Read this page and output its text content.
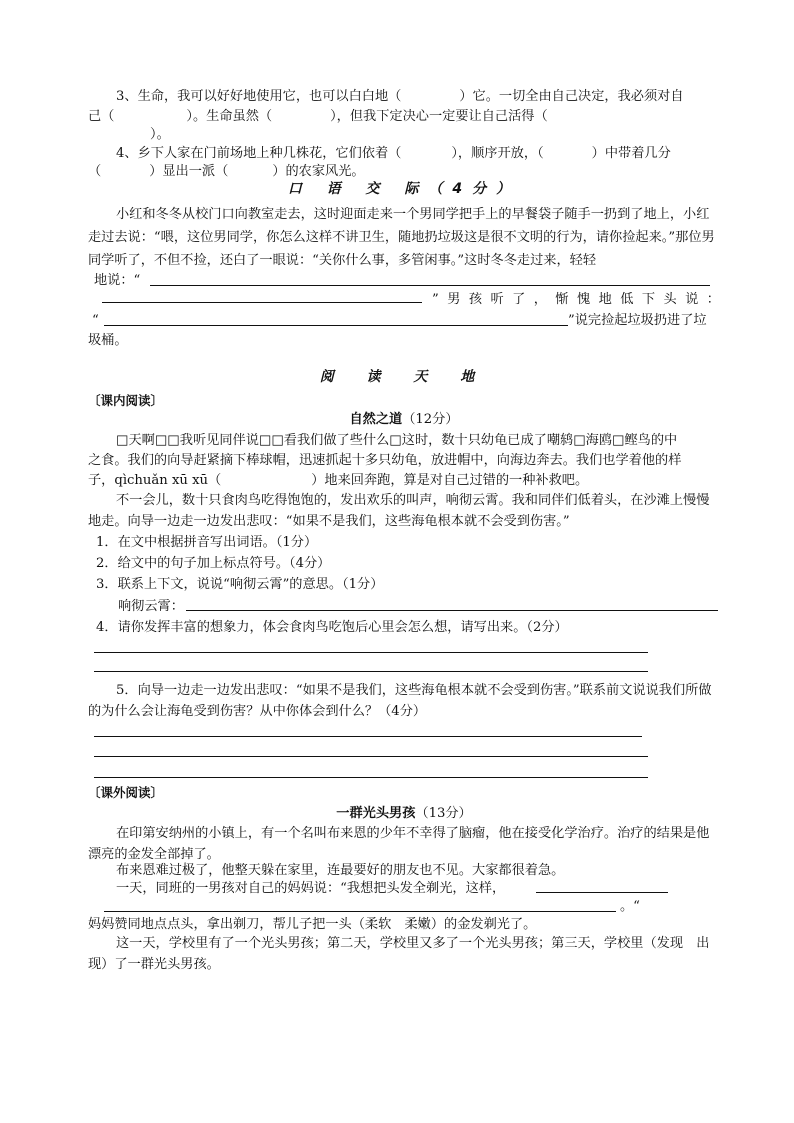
3、生命，我可以好好地使用它，也可以白白地（	）它。一切全由自己决定，我必须对自
己（	）。生命虽然（	），但我下定决心一定要让自己活得（
）。
4、乡下人家在门前场地上种几株花，它们依着（	），顺序开放，（	）中带着几分
（	）显出一派（	）的农家风光。
口 语 交 际（4分）
小红和冬冬从校门口向教室走去，这时迎面走来一个男同学把手上的早餐袋子随手一扔到了地上，小红走过去说：“喂，这位男同学，你怎么这样不讲卫生，随地扔垃圾这是很不文明的行为，请你捡起来。”那位男同学听了，不但不捡，还白了一眼说：“关你什么事，多管闲事。”这时冬冬走过来，轻轻
地说：“
”男孩听了，惭愧地低下头说：
“	”说完捡起垃圾扔进了垃
圾桶。
阅 读 天 地
〔课内阅读〕
自然之道（12分）
□天啊□□我听见同伴说□□看我们做了些什么□这时，数十只幼龟已成了嘲鸫□海鸥□鲣鸟的中
之食。我们的向导赶紧摘下棒球帽，迅速抓起十多只幼龟，放进帽中，向海边奔去。我们也学着他的样
子，qìchuǎn xū xū（	）地来回奔跑，算是对自己过错的一种补救吧。
不一会儿，数十只食肉鸟吃得饱饱的，发出欢乐的叫声，响彻云霄。我和同伴们低着头，在沙滩上慢慢地走。向导一边走一边发出悲叹：“如果不是我们，这些海龟根本就不会受到伤害。”
1．在文中根据拼音写出词语。（1分）
2．给文中的句子加上标点符号。（4分）
3．联系上下文，说说“响彻云霄”的意思。（1分）
响彻云霄：
4．请你发挥丰富的想象力，体会食肉鸟吃饱后心里会怎么想，请写出来。（2分）
5．向导一边走一边发出悲叹：“如果不是我们，这些海龟根本就不会受到伤害。”联系前文说说我们所做的为什么会让海龟受到伤害？从中你体会到什么？（4分）
〔课外阅读〕
一群光头男孩（13分）
在印第安纳州的小镇上，有一个名叫布来恩的少年不幸得了脑瘤，他在接受化学治疗。治疗的结果是他漂亮的金发全部掉了。
布来恩难过极了，他整天躲在家里，连最要好的朋友也不见。大家都很着急。
一天，同班的一男孩对自己的妈妈说：“我想把头发全剃光，这样，
。“
妈妈赞同地点点头，拿出剃刀，帮儿子把一头（柔软　柔嫩）的金发剃光了。
这一天，学校里有了一个光头男孩；第二天，学校里又多了一个光头男孩；第三天，学校里（发现　出现）了一群光头男孩。
